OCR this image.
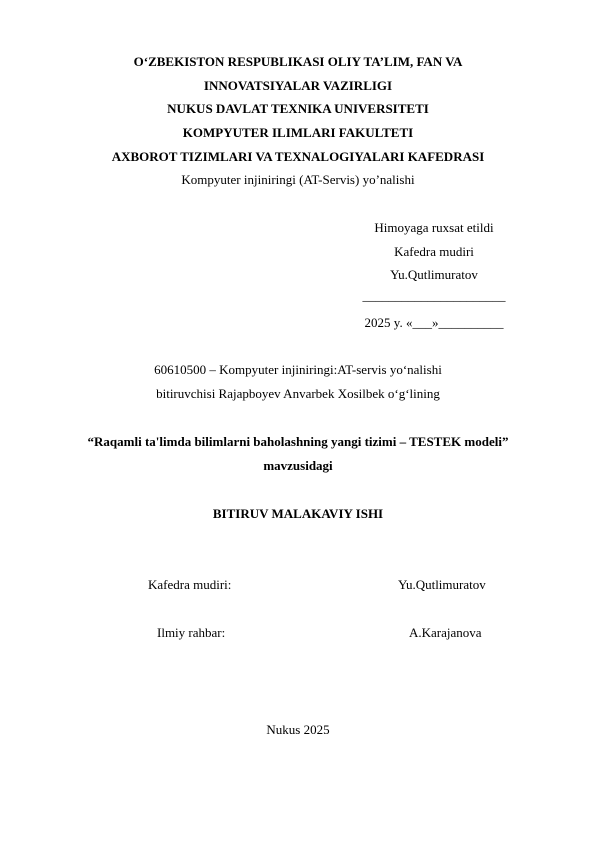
O‘ZBEKISTON RESPUBLIKASI OLIY TA’LIM, FAN VA
INNOVATSIYALAR VAZIRLIGI
NUKUS DAVLAT TEXNIKA UNIVERSITETI
KOMPYUTER ILIMLARI FAKULTETI
AXBOROT TIZIMLARI VA TEXNALOGIYALARI KAFEDRASI
Kompyuter injiniringi (AT-Servis) yo’nalishi
Himoyaga ruxsat etildi
Kafedra mudiri
Yu.Qutlimuratov
______________________
2025 y. «___»__________
60610500 – Kompyuter injiniringi:AT-servis yo‘nalishi
bitiruvchisi Rajapboyev Anvarbek Xosilbek o‘g‘lining
“Raqamli ta'limda bilimlarni baholashning yangi tizimi – TESTEK modeli”
mavzusidagi
BITIRUV MALAKAVIY ISHI
Kafedra mudiri:	Yu.Qutlimuratov
Ilmiy rahbar:	A.Karajanova
Nukus 2025
